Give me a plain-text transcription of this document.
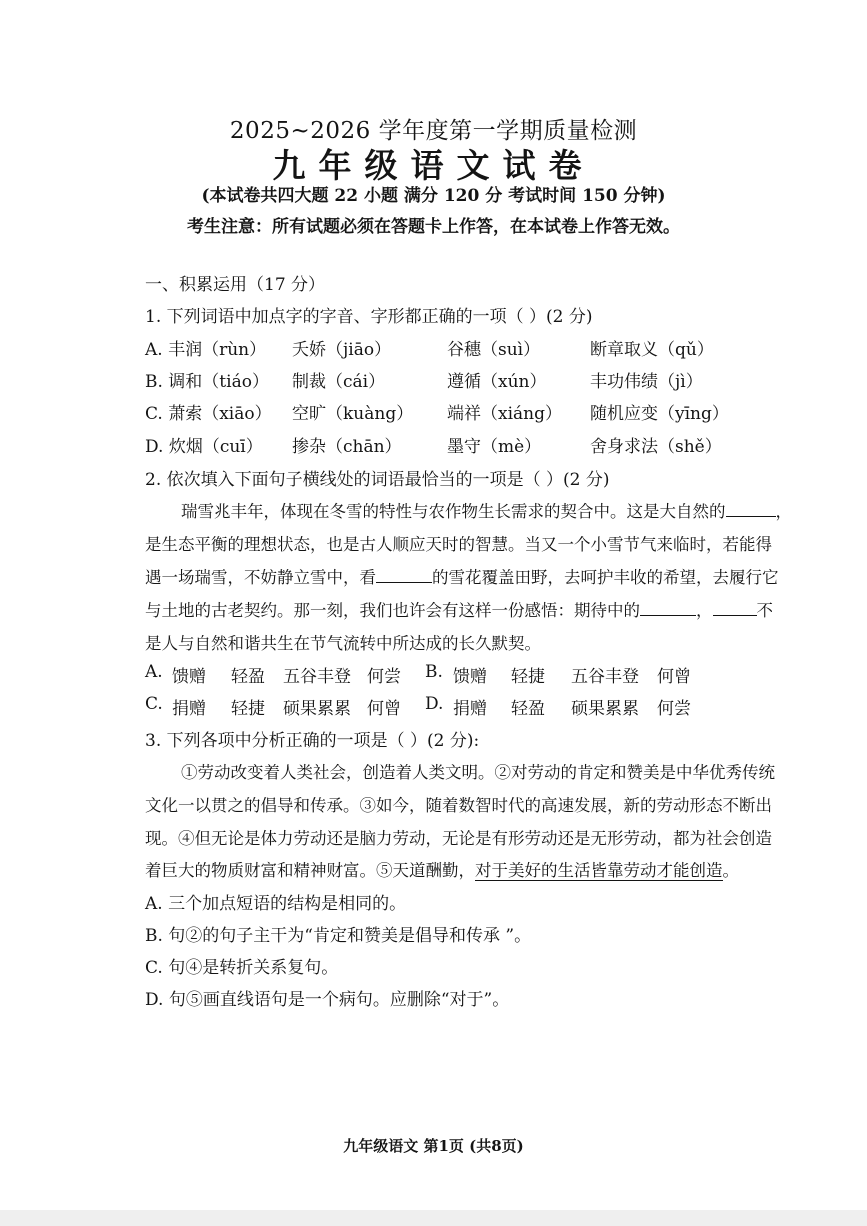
2025~2026 学年度第一学期质量检测
九年级语文试卷
(本试卷共四大题 22 小题 满分 120 分 考试时间 150 分钟)
考生注意：所有试题必须在答题卡上作答，在本试卷上作答无效。
一、积累运用（17 分）
1. 下列词语中加点字的字音、字形都正确的一项（ ）(2 分)
A. 丰润（rùn） 夭娇（jiāo）	谷穗（suì）	断章取义（qǔ）
B. 调和（tiáo） 制裁（cái）	遵循（xún）	丰功伟绩（jì）
C. 萧索（xiāo） 空旷（kuàng） 端祥（xiáng） 随机应变（yīng）
D. 炊烟（cuī） 掺杂（chān）	墨守（mè）	舍身求法（shě）
2. 依次填入下面句子横线处的词语最恰当的一项是（ ）(2 分)
瑞雪兆丰年，体现在冬雪的特性与农作物生长需求的契合中。这是大自然的	，
是生态平衡的理想状态，也是古人顺应天时的智慧。当又一个小雪节气来临时，若能得
遇一场瑞雪，不妨静立雪中，看	的雪花覆盖田野，去呵护丰收的希望，去履行它
与土地的古老契约。那一刻，我们也许会有这样一份感悟：期待中的	，	不
是人与自然和谐共生在节气流转中所达成的长久默契。
A. 馈赠 轻盈 五谷丰登 何尝 B. 馈赠 轻捷 五谷丰登 何曾
C. 捐赠 轻捷 硕果累累 何曾 D. 捐赠 轻盈 硕果累累 何尝
3. 下列各项中分析正确的一项是（ ）(2 分):
①劳动改变着人类社会，创造着人类文明。②对劳动的肯定和赞美是中华优秀传统
文化一以贯之的倡导和传承。③如今，随着数智时代的高速发展，新的劳动形态不断出
现。④但无论是体力劳动还是脑力劳动，无论是有形劳动还是无形劳动，都为社会创造
着巨大的物质财富和精神财富。⑤天道酬勤，对于美好的生活皆靠劳动才能创造。
A. 三个加点短语的结构是相同的。
B. 句②的句子主干为“肯定和赞美是倡导和传承 ”。
C. 句④是转折关系复句。
D. 句⑤画直线语句是一个病句。应删除“对于”。
九年级语文 第1页 (共8页)
